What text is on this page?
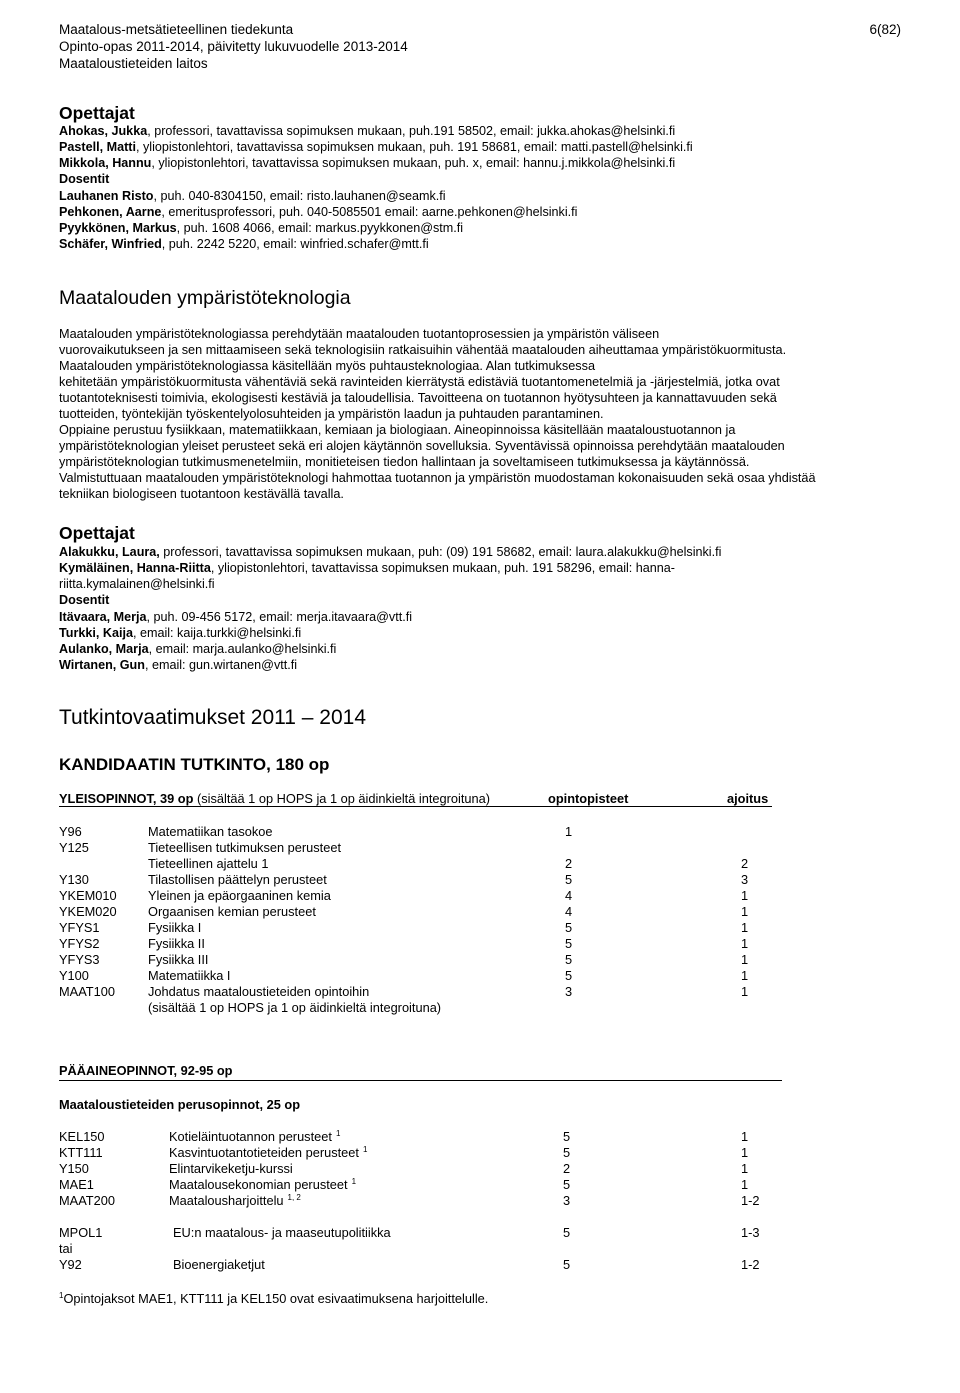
Maatalous-metsätieteellinen tiedekunta
Opinto-opas 2011-2014, päivitetty lukuvuodelle 2013-2014
Maataloustieteiden laitos
6(82)
Opettajat
Ahokas, Jukka, professori, tavattavissa sopimuksen mukaan, puh.191 58502, email: jukka.ahokas@helsinki.fi
Pastell, Matti, yliopistonlehtori, tavattavissa sopimuksen mukaan, puh. 191 58681, email: matti.pastell@helsinki.fi
Mikkola, Hannu, yliopistonlehtori, tavattavissa sopimuksen mukaan, puh. x, email: hannu.j.mikkola@helsinki.fi
Dosentit
Lauhanen Risto, puh. 040-8304150, email: risto.lauhanen@seamk.fi
Pehkonen, Aarne, emeritusprofessori, puh. 040-5085501 email: aarne.pehkonen@helsinki.fi
Pyykkönen, Markus, puh. 1608 4066, email: markus.pyykkonen@stm.fi
Schäfer, Winfried, puh. 2242 5220, email: winfried.schafer@mtt.fi
Maatalouden ympäristöteknologia
Maatalouden ympäristöteknologiassa perehdytään maatalouden tuotantoprosessien ja ympäristön väliseen
vuorovaikutukseen ja sen mittaamiseen sekä teknologisiin ratkaisuihin vähentää maatalouden aiheuttamaa ympäristökuormitusta.
Maatalouden ympäristöteknologiassa käsitellään myös puhtausteknologiaa. Alan tutkimuksessa
kehitetään ympäristökuormitusta vähentäviä sekä ravinteiden kierrätystä edistäviä tuotantomenetelmiä ja -järjestelmiä, jotka ovat
tuotantoteknisesti toimivia, ekologisesti kestäviä ja taloudellisia. Tavoitteena on tuotannon hyötysuhteen ja kannattavuuden sekä
tuotteiden, työntekijän työskentelyolosuhteiden ja ympäristön laadun ja puhtauden parantaminen.
Oppiaine perustuu fysiikkaan, matematiikkaan, kemiaan ja biologiaan. Aineopinnoissa käsitellään maataloustuotannon ja
ympäristöteknologian yleiset perusteet sekä eri alojen käytännön sovelluksia. Syventävissä opinnoissa perehdytään maatalouden
ympäristöteknologian tutkimusmenetelmiin, monitieteisen tiedon hallintaan ja soveltamiseen tutkimuksessa ja käytännössä.
Valmistuttuaan maatalouden ympäristöteknologi hahmottaa tuotannon ja ympäristön muodostaman kokonaisuuden sekä osaa yhdistää
tekniikan biologiseen tuotantoon kestävällä tavalla.
Opettajat
Alakukku, Laura, professori, tavattavissa sopimuksen mukaan, puh: (09) 191 58682, email: laura.alakukku@helsinki.fi
Kymäläinen, Hanna-Riitta, yliopistonlehtori, tavattavissa sopimuksen mukaan, puh. 191 58296, email: hanna-
riitta.kymalainen@helsinki.fi
Dosentit
Itävaara, Merja, puh. 09-456 5172, email: merja.itavaara@vtt.fi
Turkki, Kaija, email: kaija.turkki@helsinki.fi
Aulanko, Marja, email: marja.aulanko@helsinki.fi
Wirtanen, Gun, email: gun.wirtanen@vtt.fi
Tutkintovaatimukset 2011 – 2014
KANDIDAATIN TUTKINTO, 180 op
YLEISOPINNOT, 39 op (sisältää 1 op HOPS ja 1 op äidinkieltä integroituna)	opintopisteet	ajoitus
Y96	Matematiikan tasokoe	1
Y125	Tieteellisen tutkimuksen perusteet
Tieteellinen ajattelu 1	2	2
Y130	Tilastollisen päättelyn perusteet	5	3
YKEM010 Yleinen ja epäorgaaninen kemia	4	1
YKEM020 Orgaanisen kemian perusteet	4	1
YFYS1	Fysiikka I	5	1
YFYS2	Fysiikka II	5	1
YFYS3	Fysiikka III	5	1
Y100	Matematiikka I	5	1
MAAT100	Johdatus maataloustieteiden opintoihin	3	1
(sisältää 1 op HOPS ja 1 op äidinkieltä integroituna)
PÄÄAINEOPINNOT, 92-95 op
Maataloustieteiden perusopinnot, 25 op
KEL150	Kotieläintuotannon perusteet $^1$	5	1
KTT111	Kasvintuotantotieteiden perusteet $^1$	5	1
Y150	Elintarvikeketju-kurssi	2	1
MAE1	Maatalousekonomian perusteet $^1$	5	1
MAAT200	Maatalousharjoittelu $^{1, 2}$	3	1-2
MPOL1	EU:n maatalous- ja maaseutupolitiikka	5	1-3
tai
Y92	Bioenergiaketjut	5	1-2
$^1$Opintojaksot MAE1, KTT111 ja KEL150 ovat esivaatimuksena harjoittelulle.
